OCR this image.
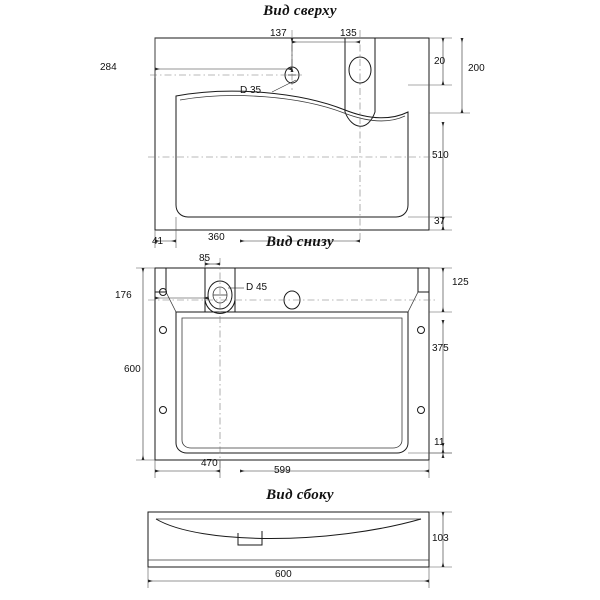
Вид сверху
Вид снизу
Вид сбоку
284
137	135
20
200
D 35
510
37
41	360
85
D 45
176
125
375
600
11
470
599
103
600
